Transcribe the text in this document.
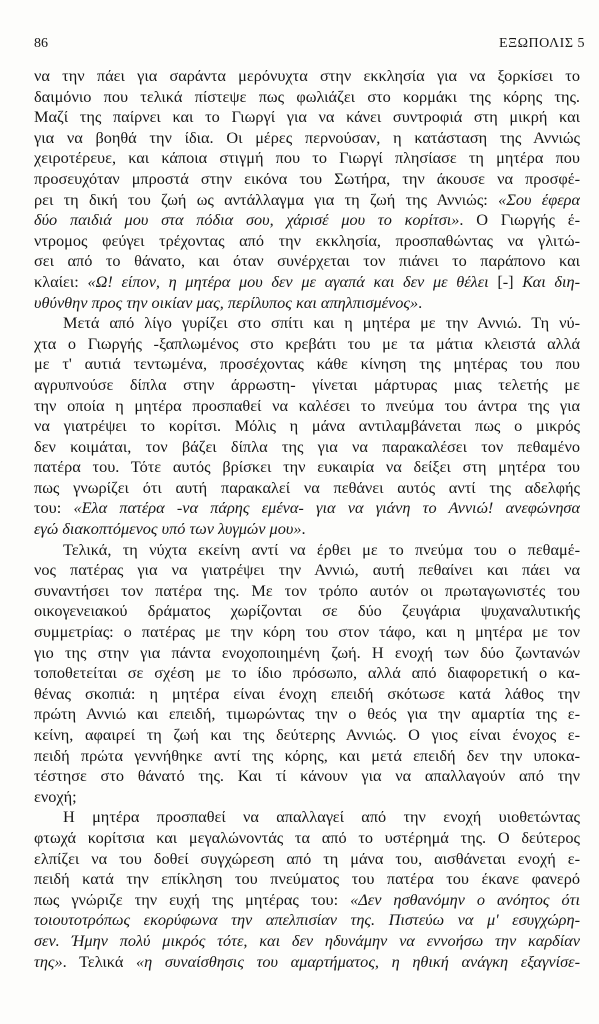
86	ΕΞΩΠΟΛΙΣ 5
να την πάει για σαράντα μερόνυχτα στην εκκλησία για να ξορκίσει το
δαιμόνιο που τελικά πίστεψε πως φωλιάζει στο κορμάκι της κόρης της.
Μαζί της παίρνει και το Γιωργί για να κάνει συντροφιά στη μικρή και
για να βοηθά την ίδια. Οι μέρες περνούσαν, η κατάσταση της Αννιώς
χειροτέρευε, και κάποια στιγμή που το Γιωργί πλησίασε τη μητέρα που
προσευχόταν μπροστά στην εικόνα του Σωτήρα, την άκουσε να προσφέ-
ρει τη δική του ζωή ως αντάλλαγμα για τη ζωή της Αννιώς: «Σου έφερα
δύο παιδιά μου στα πόδια σου, χάρισέ μου το κορίτσι». Ο Γιωργής έ-
ντρομος φεύγει τρέχοντας από την εκκλησία, προσπαθώντας να γλιτώ-
σει από το θάνατο, και όταν συνέρχεται τον πιάνει το παράπονο και
κλαίει: «Ω! είπον, η μητέρα μου δεν με αγαπά και δεν με θέλει [-] Και διη-
υθύνθην προς την οικίαν μας, περίλυπος και απηλπισμένος».
Μετά από λίγο γυρίζει στο σπίτι και η μητέρα με την Αννιώ. Τη νύ-
χτα ο Γιωργής -ξαπλωμένος στο κρεβάτι του με τα μάτια κλειστά αλλά
με τ' αυτιά τεντωμένα, προσέχοντας κάθε κίνηση της μητέρας του που
αγρυπνούσε δίπλα στην άρρωστη- γίνεται μάρτυρας μιας τελετής με
την οποία η μητέρα προσπαθεί να καλέσει το πνεύμα του άντρα της για
να γιατρέψει το κορίτσι. Μόλις η μάνα αντιλαμβάνεται πως ο μικρός
δεν κοιμάται, τον βάζει δίπλα της για να παρακαλέσει τον πεθαμένο
πατέρα του. Τότε αυτός βρίσκει την ευκαιρία να δείξει στη μητέρα του
πως γνωρίζει ότι αυτή παρακαλεί να πεθάνει αυτός αντί της αδελφής
του: «Ελα πατέρα -να πάρης εμένα- για να γιάνη το Αννιώ! ανεφώνησα
εγώ διακοπτόμενος υπό των λυγμών μου».
Τελικά, τη νύχτα εκείνη αντί να έρθει με το πνεύμα του ο πεθαμέ-
νος πατέρας για να γιατρέψει την Αννιώ, αυτή πεθαίνει και πάει να
συναντήσει τον πατέρα της. Με τον τρόπο αυτόν οι πρωταγωνιστές του
οικογενειακού δράματος χωρίζονται σε δύο ζευγάρια ψυχαναλυτικής
συμμετρίας: ο πατέρας με την κόρη του στον τάφο, και η μητέρα με τον
γιο της στην για πάντα ενοχοποιημένη ζωή. Η ενοχή των δύο ζωντανών
τοποθετείται σε σχέση με το ίδιο πρόσωπο, αλλά από διαφορετική ο κα-
θένας σκοπιά: η μητέρα είναι ένοχη επειδή σκότωσε κατά λάθος την
πρώτη Αννιώ και επειδή, τιμωρώντας την ο θεός για την αμαρτία της ε-
κείνη, αφαιρεί τη ζωή και της δεύτερης Αννιώς. Ο γιος είναι ένοχος ε-
πειδή πρώτα γεννήθηκε αντί της κόρης, και μετά επειδή δεν την υποκα-
τέστησε στο θάνατό της. Και τί κάνουν για να απαλλαγούν από την
ενοχή;
Η μητέρα προσπαθεί να απαλλαγεί από την ενοχή υιοθετώντας
φτωχά κορίτσια και μεγαλώνοντάς τα από το υστέρημά της. Ο δεύτερος
ελπίζει να του δοθεί συγχώρεση από τη μάνα του, αισθάνεται ενοχή ε-
πειδή κατά την επίκληση του πνεύματος του πατέρα του έκανε φανερό
πως γνώριζε την ευχή της μητέρας του: «Δεν ησθανόμην ο ανόητος ότι
τοιουτοτρόπως εκορύφωνα την απελπισίαν της. Πιστεύω να μ' εσυγχώρη-
σεν. Ήμην πολύ μικρός τότε, και δεν ηδυνάμην να εννοήσω την καρδίαν
της». Τελικά «η συναίσθησις του αμαρτήματος, η ηθική ανάγκη εξαγνίσε-
